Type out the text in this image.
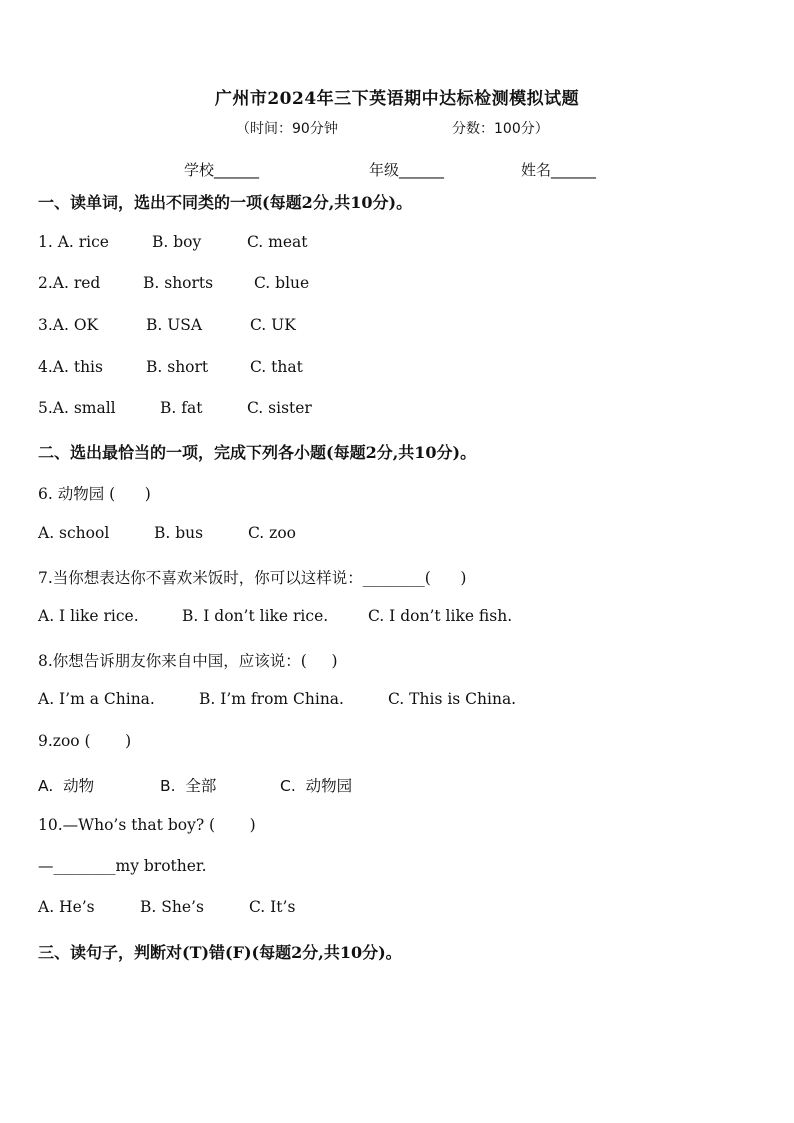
广州市2024年三下英语期中达标检测模拟试题
（时间：90分钟	分数：100分）
学校______	年级______	姓名______
一、读单词，选出不同类的一项(每题2分,共10分)。
1. A. rice	B. boy	C. meat
2.A. red	B. shorts	C. blue
3.A. OK	B. USA	C. UK
4.A. this	B. short	C. that
5.A. small	B. fat	C. sister
二、选出最恰当的一项，完成下列各小题(每题2分,共10分)。
6. 动物园 (      )
A. school	B. bus	C. zoo
7.当你想表达你不喜欢米饭时，你可以这样说：________(      )
A. I like rice.	B. I don’t like rice.	C. I don’t like fish.
8.你想告诉朋友你来自中国，应该说：(     )
A. I’m a China.	B. I’m from China.	C. This is China.
9.zoo (       )
A.  动物	B.  全部	C.  动物园
10.—Who’s that boy? (       )
—________my brother.
A. He’s	B. She’s	C. It’s
三、读句子，判断对(T)错(F)(每题2分,共10分)。
